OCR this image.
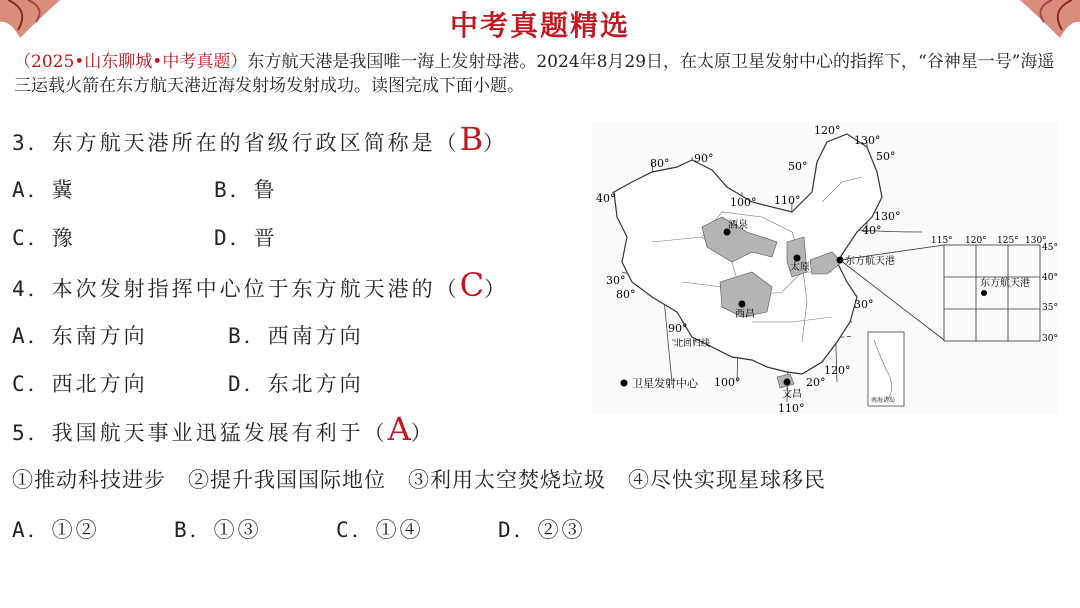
中考真题精选
（2025•山东聊城•中考真题）东方航天港是我国唯一海上发射母港。2024年8月29日，在太原卫星发射中心的指挥下，“谷神星一号”海遥三运载火箭在东方航天港近海发射场发射成功。读图完成下面小题。
3．东方航天港所在的省级行政区简称是（B）
A．冀	B．鲁
C．豫	D．晋
4．本次发射指挥中心位于东方航天港的（C）
A．东南方向	B．西南方向
C．西北方向	D．东北方向
5．我国航天事业迅猛发展有利于（A）
①推动科技进步　②提升我国国际地位　③利用太空焚烧垃圾　④尽快实现星球移民
A．①②	B．①③	C．①④	D．②③
酒泉
太原
西昌
文昌
东方航天港
80° 90°
100° 110°
120°
130°
50°
40°
30°
20°
50°
130°
40°
30°
80°
90°
100°
120°
110°
北回归线
卫星发射中心
南海诸岛
115° 120° 125° 130°
45°
40°
35°
30°
东方航天港
